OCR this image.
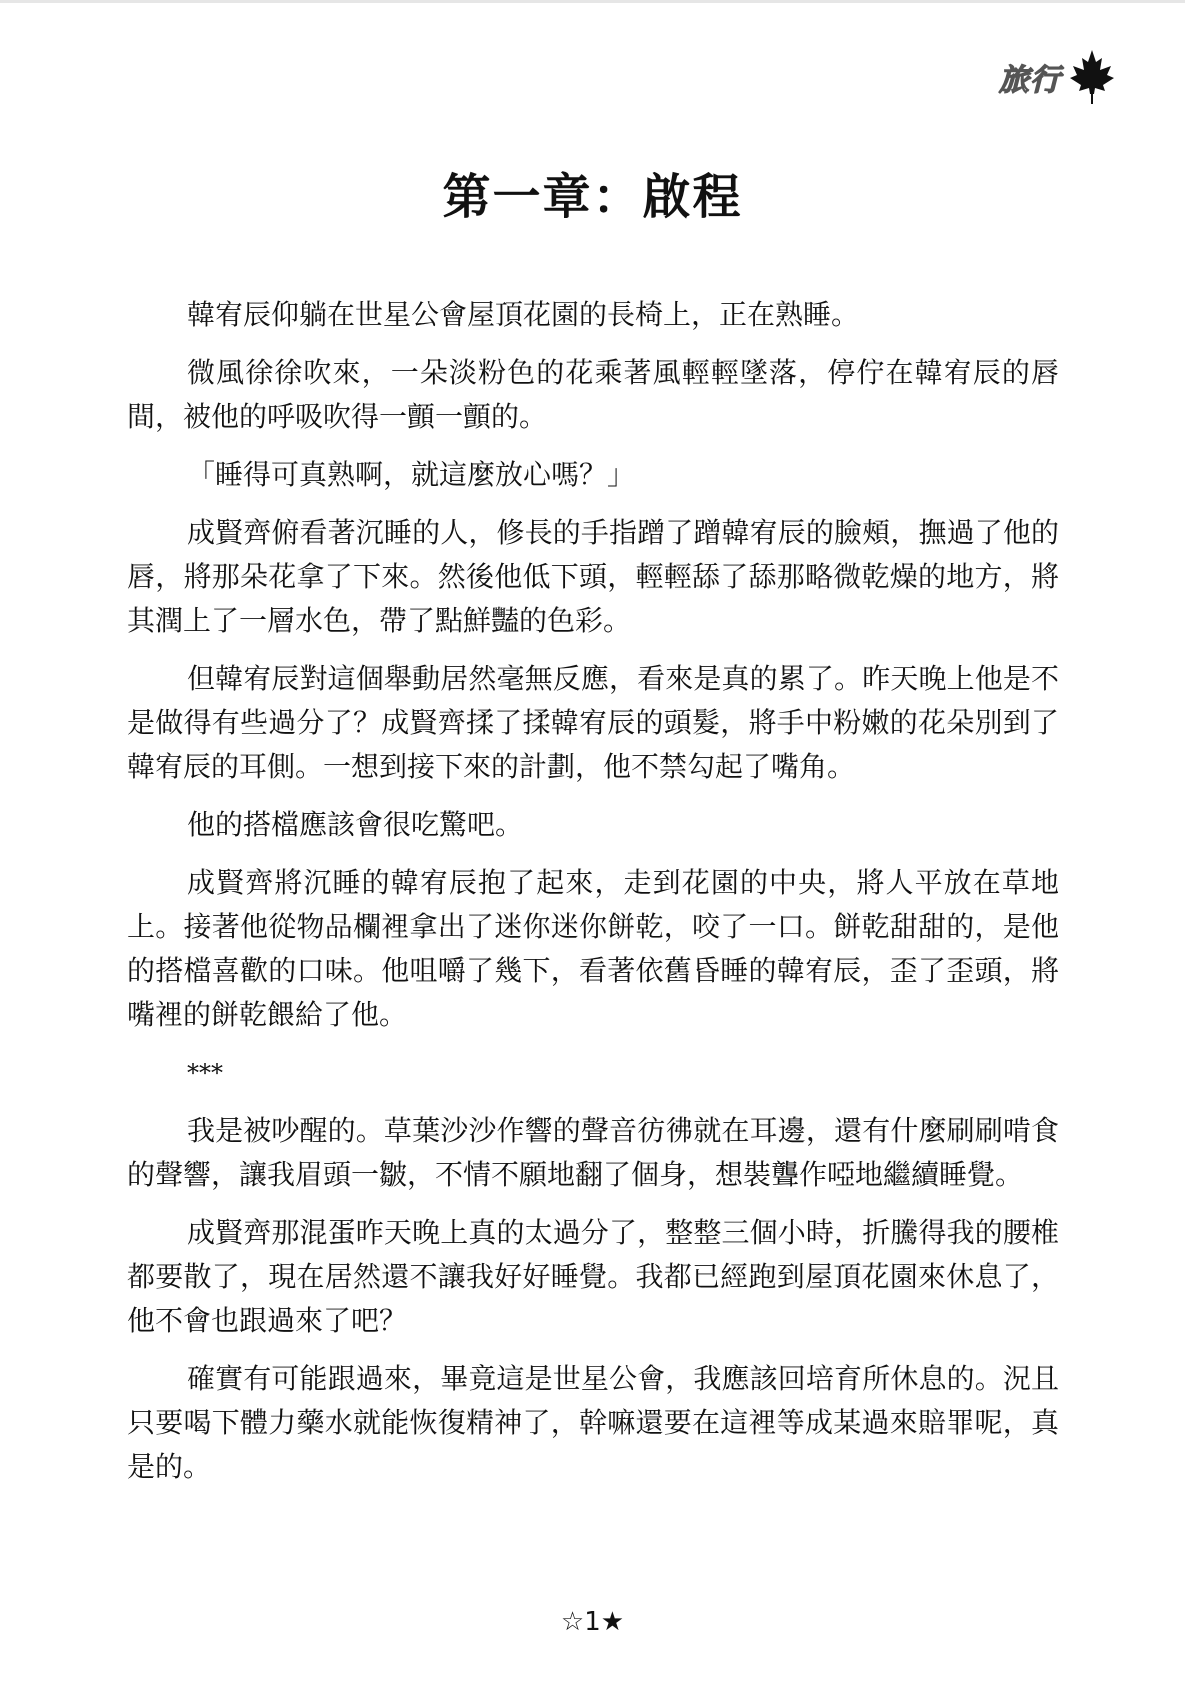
旅行
第一章：啟程

韓宥辰仰躺在世星公會屋頂花園的長椅上，正在熟睡。

微風徐徐吹來，一朵淡粉色的花乘著風輕輕墜落，停佇在韓宥辰的唇間，被他的呼吸吹得一顫一顫的。

「睡得可真熟啊，就這麼放心嗎？」

成賢齊俯看著沉睡的人，修長的手指蹭了蹭韓宥辰的臉頰，撫過了他的唇，將那朵花拿了下來。然後他低下頭，輕輕舔了舔那略微乾燥的地方，將其潤上了一層水色，帶了點鮮豔的色彩。

但韓宥辰對這個舉動居然毫無反應，看來是真的累了。昨天晚上他是不是做得有些過分了？成賢齊揉了揉韓宥辰的頭髮，將手中粉嫩的花朵別到了韓宥辰的耳側。一想到接下來的計劃，他不禁勾起了嘴角。

他的搭檔應該會很吃驚吧。

成賢齊將沉睡的韓宥辰抱了起來，走到花園的中央，將人平放在草地上。接著他從物品欄裡拿出了迷你迷你餅乾，咬了一口。餅乾甜甜的，是他的搭檔喜歡的口味。他咀嚼了幾下，看著依舊昏睡的韓宥辰，歪了歪頭，將嘴裡的餅乾餵給了他。

***

我是被吵醒的。草葉沙沙作響的聲音彷彿就在耳邊，還有什麼刷刷啃食的聲響，讓我眉頭一皺，不情不願地翻了個身，想裝聾作啞地繼續睡覺。

成賢齊那混蛋昨天晚上真的太過分了，整整三個小時，折騰得我的腰椎都要散了，現在居然還不讓我好好睡覺。我都已經跑到屋頂花園來休息了，他不會也跟過來了吧？

確實有可能跟過來，畢竟這是世星公會，我應該回培育所休息的。況且只要喝下體力藥水就能恢復精神了，幹嘛還要在這裡等成某過來賠罪呢，真是的。

☆1★
